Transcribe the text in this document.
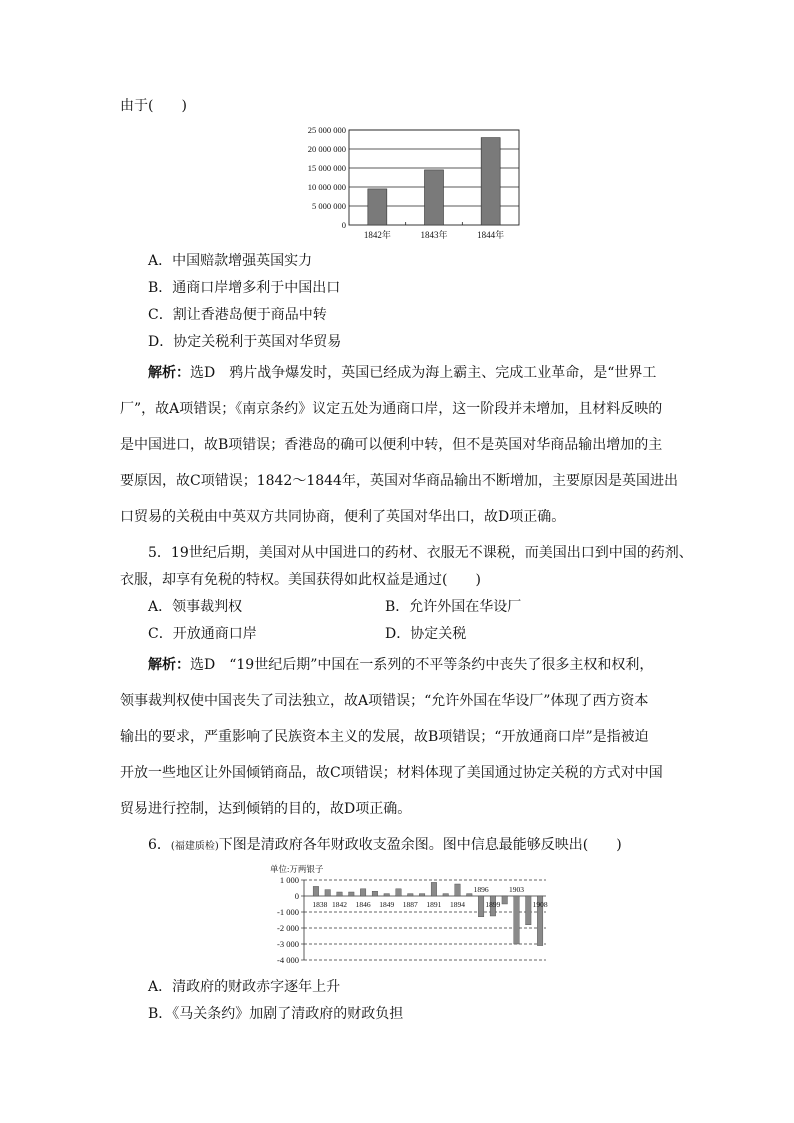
由于(　　)
0
5 000 000
10 000 000
15 000 000
20 000 000
25 000 000
1842年	1843年	1844年
A．中国赔款增强英国实力
B．通商口岸增多利于中国出口
C．割让香港岛便于商品中转
D．协定关税利于英国对华贸易
解析：选D　鸦片战争爆发时，英国已经成为海上霸主、完成工业革命，是“世界工
厂”，故A项错误；《南京条约》议定五处为通商口岸，这一阶段并未增加，且材料反映的
是中国进口，故B项错误；香港岛的确可以便利中转，但不是英国对华商品输出增加的主
要原因，故C项错误；1842～1844年，英国对华商品输出不断增加，主要原因是英国进出
口贸易的关税由中英双方共同协商，便利了英国对华出口，故D项正确。
5．19世纪后期，美国对从中国进口的药材、衣服无不课税，而美国出口到中国的药剂、
衣服，却享有免税的特权。美国获得如此权益是通过(　　)
A．领事裁判权	B．允许外国在华设厂
C．开放通商口岸	D．协定关税
解析：选D　“19世纪后期”中国在一系列的不平等条约中丧失了很多主权和权利，
领事裁判权使中国丧失了司法独立，故A项错误；“允许外国在华设厂”体现了西方资本
输出的要求，严重影响了民族资本主义的发展，故B项错误；“开放通商口岸”是指被迫
开放一些地区让外国倾销商品，故C项错误；材料体现了美国通过协定关税的方式对中国
贸易进行控制，达到倾销的目的，故D项正确。
6．(福建质检)下图是清政府各年财政收支盈余图。图中信息最能够反映出(　　)
单位:万两银子
1 000
0
-1 000
-2 000
-3 000
-4 000
1838 1842 1846 1849 1887 1891 1894
1896
1899
1903
1908
A．清政府的财政赤字逐年上升
B．《马关条约》加剧了清政府的财政负担
